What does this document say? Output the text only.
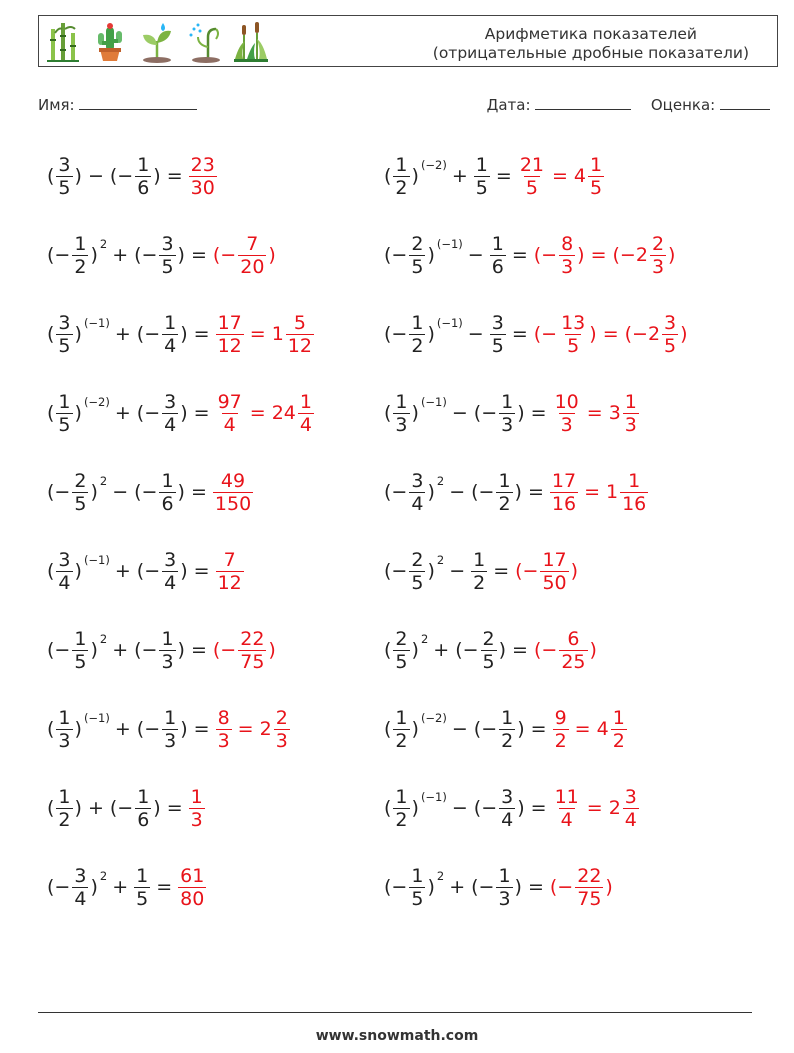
Арифметика показателей
(отрицательные дробные показатели)
Имя:	Дата:	Оценка:
( $\frac{3}{5}$ ) − (− $\frac{1}{6}$ ) = $\frac{23}{30}$	( $\frac{1}{2}$ ) $(-2) + \frac{1}{5} = \frac{21}{5} = 4 \frac{1}{5}$
(− $\frac{1}{2}$ ) 2 + (− $\frac{3}{5}$ ) = (− $\frac{7}{20}$ )	(− $\frac{2}{5}$ ) $(-1) - \frac{1}{6}$ = (− $\frac{8}{3}$ ) = ($-2 \frac{2}{3}$ )
( $\frac{3}{5}$ ) (−1) + (− $\frac{1}{4}$ ) = $\frac{17}{12} = 1 \frac{5}{12}$	(− $\frac{1}{2}$ ) $(-1) - \frac{3}{5}$ = (− $\frac{13}{5}$ ) = ($-2 \frac{3}{5}$ )
( $\frac{1}{5}$ ) (−2) + (− $\frac{3}{4}$ ) = $\frac{97}{4} = 24 \frac{1}{4}$	( $\frac{1}{3}$ ) (−1) − (− $\frac{1}{3}$ ) = $\frac{10}{3} = 3 \frac{1}{3}$
(− $\frac{2}{5}$ ) 2 − (− $\frac{1}{6}$ ) = $\frac{49}{150}$	(− $\frac{3}{4}$ ) 2 − (− $\frac{1}{2}$ ) = $\frac{17}{16} = 1 \frac{1}{16}$
( $\frac{3}{4}$ ) (−1) + (− $\frac{3}{4}$ ) = $\frac{7}{12}$	(− $\frac{2}{5}$ ) $2 - \frac{1}{2}$ = (− $\frac{17}{50}$ )
(− $\frac{1}{5}$ ) 2 + (− $\frac{1}{3}$ ) = (− $\frac{22}{75}$ )	( $\frac{2}{5}$ ) 2 + (− $\frac{2}{5}$ ) = (− $\frac{6}{25}$ )
( $\frac{1}{3}$ ) (−1) + (− $\frac{1}{3}$ ) = $\frac{8}{3} = 2 \frac{2}{3}$	( $\frac{1}{2}$ ) (−2) − (− $\frac{1}{2}$ ) = $\frac{9}{2} = 4 \frac{1}{2}$
( $\frac{1}{2}$ ) + (− $\frac{1}{6}$ ) = $\frac{1}{3}$	( $\frac{1}{2}$ ) (−1) − (− $\frac{3}{4}$ ) = $\frac{11}{4} = 2 \frac{3}{4}$
(− $\frac{3}{4}$ ) $2 + \frac{1}{5} = \frac{61}{80}$	(− $\frac{1}{5}$ ) 2 + (− $\frac{1}{3}$ ) = (− $\frac{22}{75}$ )
www.snowmath.com
